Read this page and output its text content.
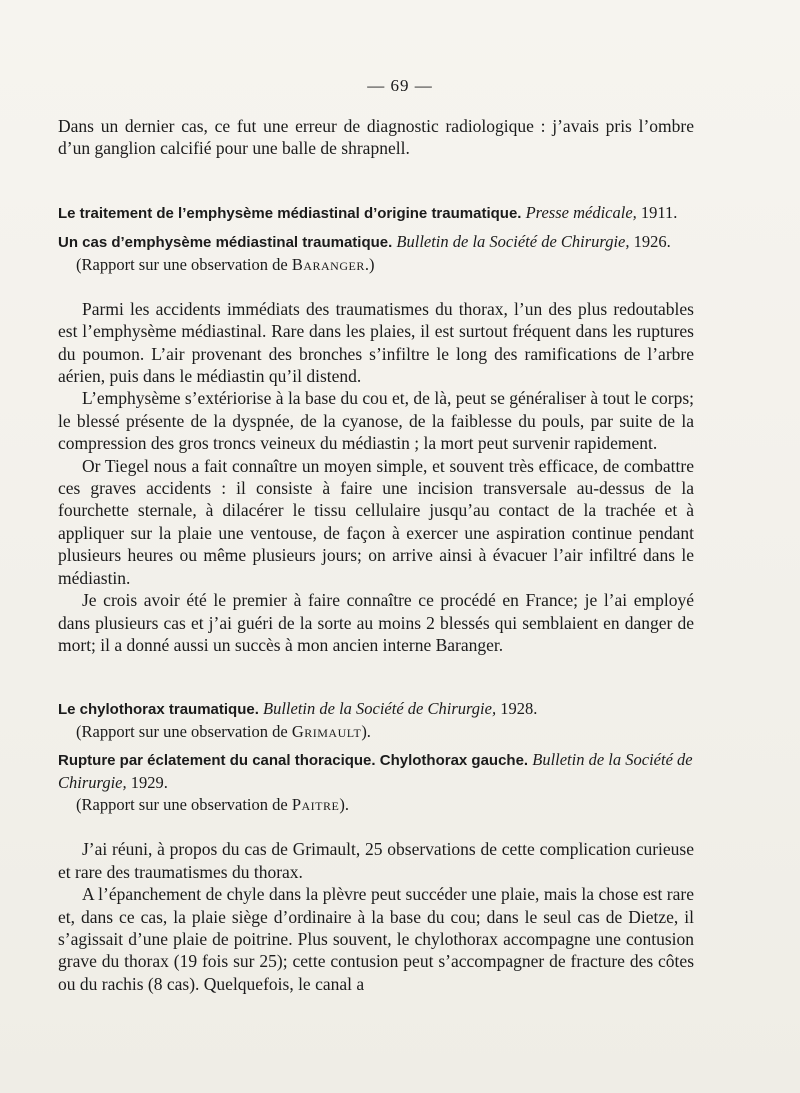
— 69 —

Dans un dernier cas, ce fut une erreur de diagnostic radiologique : j’avais pris l’ombre d’un ganglion calcifié pour une balle de shrapnell.

Le traitement de l’emphysème médiastinal d’origine traumatique. Presse médicale, 1911.

Un cas d’emphysème médiastinal traumatique. Bulletin de la Société de Chirurgie, 1926.
(Rapport sur une observation de Baranger.)

Parmi les accidents immédiats des traumatismes du thorax, l’un des plus redoutables est l’emphysème médiastinal. Rare dans les plaies, il est surtout fréquent dans les ruptures du poumon. L’air provenant des bronches s’infiltre le long des ramifications de l’arbre aérien, puis dans le médiastin qu’il distend.

L’emphysème s’extériorise à la base du cou et, de là, peut se généraliser à tout le corps; le blessé présente de la dyspnée, de la cyanose, de la faiblesse du pouls, par suite de la compression des gros troncs veineux du médiastin ; la mort peut survenir rapidement.

Or Tiegel nous a fait connaître un moyen simple, et souvent très efficace, de combattre ces graves accidents : il consiste à faire une incision transversale au-dessus de la fourchette sternale, à dilacérer le tissu cellulaire jusqu’au contact de la trachée et à appliquer sur la plaie une ventouse, de façon à exercer une aspiration continue pendant plusieurs heures ou même plusieurs jours; on arrive ainsi à évacuer l’air infiltré dans le médiastin.

Je crois avoir été le premier à faire connaître ce procédé en France; je l’ai employé dans plusieurs cas et j’ai guéri de la sorte au moins 2 blessés qui semblaient en danger de mort; il a donné aussi un succès à mon ancien interne Baranger.

Le chylothorax traumatique. Bulletin de la Société de Chirurgie, 1928.
(Rapport sur une observation de Grimault).

Rupture par éclatement du canal thoracique. Chylothorax gauche. Bulletin de la Société de Chirurgie, 1929.
(Rapport sur une observation de Paitre).

J’ai réuni, à propos du cas de Grimault, 25 observations de cette complication curieuse et rare des traumatismes du thorax.

A l’épanchement de chyle dans la plèvre peut succéder une plaie, mais la chose est rare et, dans ce cas, la plaie siège d’ordinaire à la base du cou; dans le seul cas de Dietze, il s’agissait d’une plaie de poitrine. Plus souvent, le chylothorax accompagne une contusion grave du thorax (19 fois sur 25); cette contusion peut s’accompagner de fracture des côtes ou du rachis (8 cas). Quelquefois, le canal a
